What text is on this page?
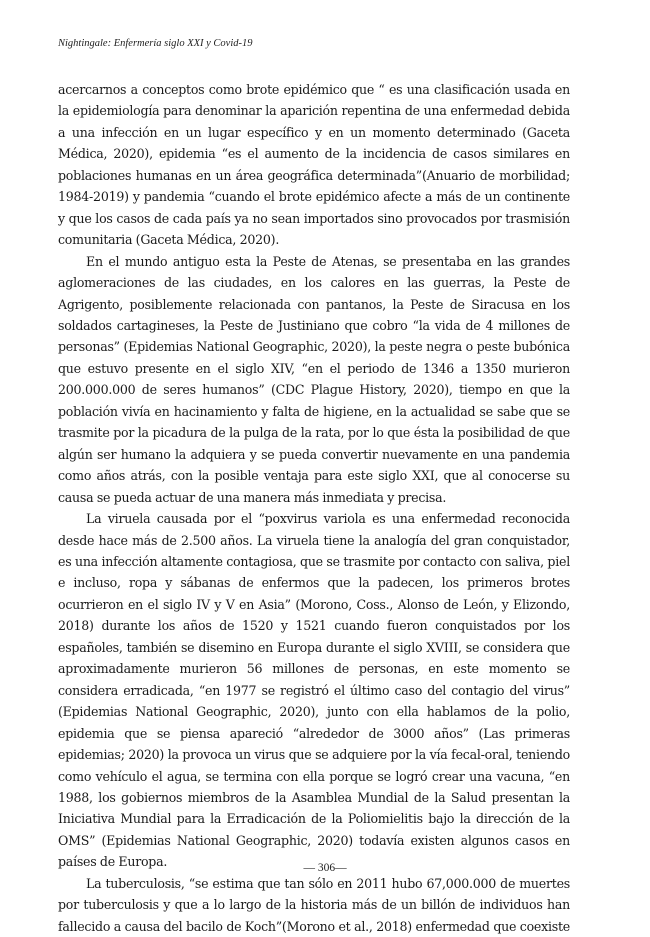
Nightingale: Enfermería siglo XXI y Covid-19

acercarnos a conceptos como brote epidémico que “ es una clasificación usada en la epidemiología para denominar la aparición repentina de una enfermedad debida a una infección en un lugar específico y en un momento determinado (Gaceta Médica, 2020), epidemia “es el aumento de la incidencia de casos similares en poblaciones humanas en un área geográfica determinada”(Anuario de morbilidad; 1984-2019) y pandemia “cuando el brote epidémico afecte a más de un continente y que los casos de cada país ya no sean importados sino provocados por trasmisión comunitaria (Gaceta Médica, 2020).

En el mundo antiguo esta la Peste de Atenas, se presentaba en las grandes aglomeraciones de las ciudades, en los calores en las guerras, la Peste de Agrigento, posiblemente relacionada con pantanos, la Peste de Siracusa en los soldados cartagineses, la Peste de Justiniano que cobro “la vida de 4 millones de personas” (Epidemias National Geographic, 2020), la peste negra o peste bubónica que estuvo presente en el siglo XIV, “en el periodo de 1346 a 1350 murieron 200.000.000 de seres humanos” (CDC Plague History, 2020), tiempo en que la población vivía en hacinamiento y falta de higiene, en la actualidad se sabe que se trasmite por la picadura de la pulga de la rata, por lo que ésta la posibilidad de que algún ser humano la adquiera y se pueda convertir nuevamente en una pandemia como años atrás, con la posible ventaja para este siglo XXI, que al conocerse su causa se pueda actuar de una manera más inmediata y precisa.

La viruela causada por el “poxvirus variola es una enfermedad reconocida desde hace más de 2.500 años. La viruela tiene la analogía del gran conquistador, es una infección altamente contagiosa, que se trasmite por contacto con saliva, piel e incluso, ropa y sábanas de enfermos que la padecen, los primeros brotes ocurrieron en el siglo IV y V en Asia” (Morono, Coss., Alonso de León, y Elizondo, 2018) durante los años de 1520 y 1521 cuando fueron conquistados por los españoles, también se disemino en Europa durante el siglo XVIII, se considera que aproximadamente murieron 56 millones de personas, en este momento se considera erradicada, “en 1977 se registró el último caso del contagio del virus” (Epidemias National Geographic, 2020), junto con ella hablamos de la polio, epidemia que se piensa apareció “alrededor de 3000 años” (Las primeras epidemias; 2020) la provoca un virus que se adquiere por la vía fecal-oral, teniendo como vehículo el agua, se termina con ella porque se logró crear una vacuna, “en 1988, los gobiernos miembros de la Asamblea Mundial de la Salud presentan la Iniciativa Mundial para la Erradicación de la Poliomielitis bajo la dirección de la OMS” (Epidemias National Geographic, 2020) todavía existen algunos casos en países de Europa.

La tuberculosis, “se estima que tan sólo en 2011 hubo 67,000.000 de muertes por tuberculosis y que a lo largo de la historia más de un billón de individuos han fallecido a causa del bacilo de Koch”(Morono et al., 2018) enfermedad que coexiste

— 306—
